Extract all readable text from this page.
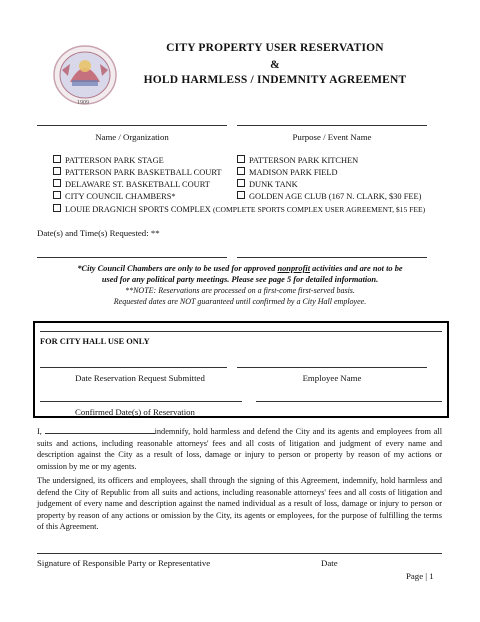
1909
CITY PROPERTY USER RESERVATION
&
HOLD HARMLESS / INDEMNITY AGREEMENT
Name / Organization	Purpose / Event Name
PATTERSON PARK STAGE
PATTERSON PARK BASKETBALL COURT
DELAWARE ST. BASKETBALL COURT
CITY COUNCIL CHAMBERS*
LOUIE DRAGNICH SPORTS COMPLEX (COMPLETE SPORTS COMPLEX USER AGREEMENT, $15 FEE)
PATTERSON PARK KITCHEN
MADISON PARK FIELD
DUNK TANK
GOLDEN AGE CLUB (167 N. CLARK, $30 FEE)
Date(s) and Time(s) Requested: **
*City Council Chambers are only to be used for approved nonprofit activities and are not to be
used for any political party meetings. Please see page 5 for detailed information.
**NOTE: Reservations are processed on a first-come first-served basis.
Requested dates are NOT guaranteed until confirmed by a City Hall employee.
FOR CITY HALL USE ONLY
Date Reservation Request Submitted	Employee Name
Confirmed Date(s) of Reservation
I,	indemnify, hold harmless and defend the City and its agents and employees from all suits and actions, including reasonable attorneys' fees and all costs of litigation and judgment of every name and description against the City as a result of loss, damage or injury to person or property by reason of my actions or omission by me or my agents.
The undersigned, its officers and employees, shall through the signing of this Agreement, indemnify, hold harmless and defend the City of Republic from all suits and actions, including reasonable attorneys' fees and all costs of litigation and judgement of every name and description against the named individual as a result of loss, damage or injury to person or property by reason of any actions or omission by the City, its agents or employees, for the purpose of fulfilling the terms of this Agreement.
Signature of Responsible Party or Representative	Date
Page | 1
